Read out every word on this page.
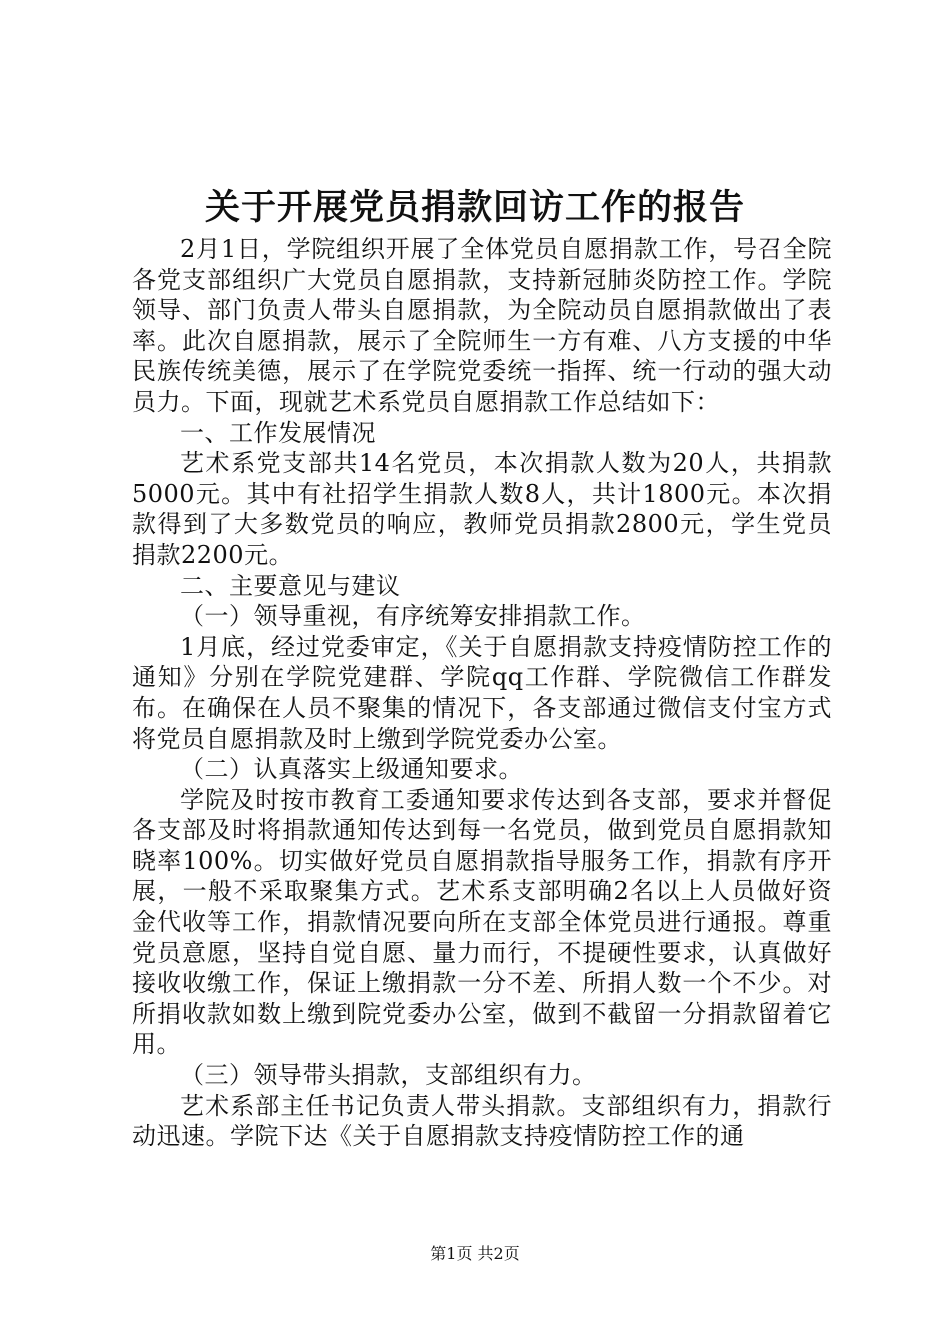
关于开展党员捐款回访工作的报告

2月1日，学院组织开展了全体党员自愿捐款工作，号召全院各党支部组织广大党员自愿捐款，支持新冠肺炎防控工作。学院领导、部门负责人带头自愿捐款，为全院动员自愿捐款做出了表率。此次自愿捐款，展示了全院师生一方有难、八方支援的中华民族传统美德，展示了在学院党委统一指挥、统一行动的强大动员力。下面，现就艺术系党员自愿捐款工作总结如下：

一、工作发展情况

艺术系党支部共14名党员，本次捐款人数为20人，共捐款5000元。其中有社招学生捐款人数8人，共计1800元。本次捐款得到了大多数党员的响应，教师党员捐款2800元，学生党员捐款2200元。

二、主要意见与建议

（一）领导重视，有序统筹安排捐款工作。

1月底，经过党委审定，《关于自愿捐款支持疫情防控工作的通知》分别在学院党建群、学院qq工作群、学院微信工作群发布。在确保在人员不聚集的情况下，各支部通过微信支付宝方式将党员自愿捐款及时上缴到学院党委办公室。

（二）认真落实上级通知要求。

学院及时按市教育工委通知要求传达到各支部，要求并督促各支部及时将捐款通知传达到每一名党员，做到党员自愿捐款知晓率100%。切实做好党员自愿捐款指导服务工作，捐款有序开展，一般不采取聚集方式。艺术系支部明确2名以上人员做好资金代收等工作，捐款情况要向所在支部全体党员进行通报。尊重党员意愿，坚持自觉自愿、量力而行，不提硬性要求，认真做好接收收缴工作，保证上缴捐款一分不差、所捐人数一个不少。对所捐收款如数上缴到院党委办公室，做到不截留一分捐款留着它用。

（三）领导带头捐款，支部组织有力。

艺术系部主任书记负责人带头捐款。支部组织有力，捐款行动迅速。学院下达《关于自愿捐款支持疫情防控工作的通

第1页 共2页
